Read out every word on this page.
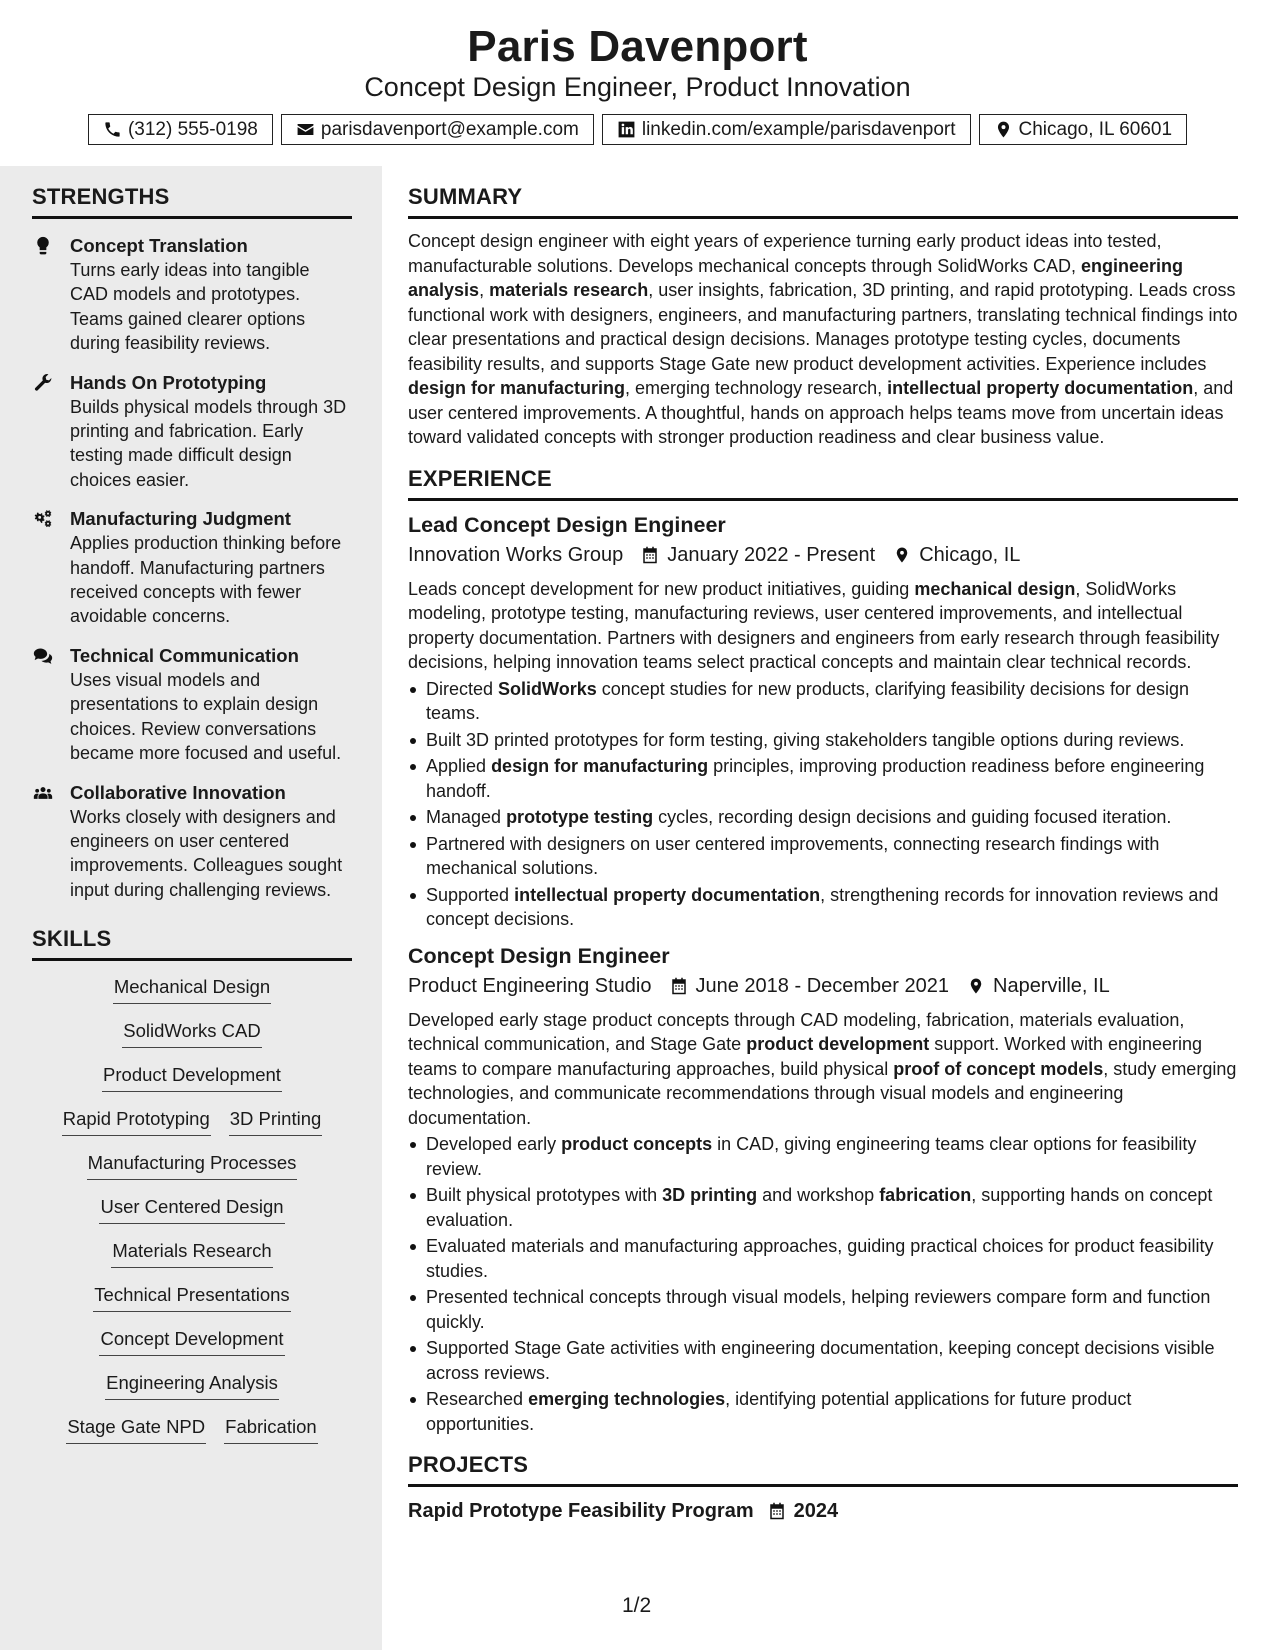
Paris Davenport
Concept Design Engineer, Product Innovation
(312) 555-0198	parisdavenport@example.com	linkedin.com/example/parisdavenport	Chicago, IL 60601
STRENGTHS
Concept Translation
Turns early ideas into tangible CAD models and prototypes. Teams gained clearer options during feasibility reviews.
Hands On Prototyping
Builds physical models through 3D printing and fabrication. Early testing made difficult design choices easier.
Manufacturing Judgment
Applies production thinking before handoff. Manufacturing partners received concepts with fewer avoidable concerns.
Technical Communication
Uses visual models and presentations to explain design choices. Review conversations became more focused and useful.
Collaborative Innovation
Works closely with designers and engineers on user centered improvements. Colleagues sought input during challenging reviews.
SKILLS
Mechanical Design
SolidWorks CAD
Product Development
Rapid Prototyping 3D Printing
Manufacturing Processes
User Centered Design
Materials Research
Technical Presentations
Concept Development
Engineering Analysis
Stage Gate NPD Fabrication
SUMMARY
Concept design engineer with eight years of experience turning early product ideas into tested, manufacturable solutions. Develops mechanical concepts through SolidWorks CAD, engineering analysis, materials research, user insights, fabrication, 3D printing, and rapid prototyping. Leads cross functional work with designers, engineers, and manufacturing partners, translating technical findings into clear presentations and practical design decisions. Manages prototype testing cycles, documents feasibility results, and supports Stage Gate new product development activities. Experience includes design for manufacturing, emerging technology research, intellectual property documentation, and user centered improvements. A thoughtful, hands on approach helps teams move from uncertain ideas toward validated concepts with stronger production readiness and clear business value.
EXPERIENCE
Lead Concept Design Engineer
Innovation Works Group January 2022 - Present Chicago, IL
Leads concept development for new product initiatives, guiding mechanical design, SolidWorks modeling, prototype testing, manufacturing reviews, user centered improvements, and intellectual property documentation. Partners with designers and engineers from early research through feasibility decisions, helping innovation teams select practical concepts and maintain clear technical records.
Directed SolidWorks concept studies for new products, clarifying feasibility decisions for design teams.
Built 3D printed prototypes for form testing, giving stakeholders tangible options during reviews.
Applied design for manufacturing principles, improving production readiness before engineering handoff.
Managed prototype testing cycles, recording design decisions and guiding focused iteration.
Partnered with designers on user centered improvements, connecting research findings with mechanical solutions.
Supported intellectual property documentation, strengthening records for innovation reviews and concept decisions.
Concept Design Engineer
Product Engineering Studio June 2018 - December 2021 Naperville, IL
Developed early stage product concepts through CAD modeling, fabrication, materials evaluation, technical communication, and Stage Gate product development support. Worked with engineering teams to compare manufacturing approaches, build physical proof of concept models, study emerging technologies, and communicate recommendations through visual models and engineering documentation.
Developed early product concepts in CAD, giving engineering teams clear options for feasibility review.
Built physical prototypes with 3D printing and workshop fabrication, supporting hands on concept evaluation.
Evaluated materials and manufacturing approaches, guiding practical choices for product feasibility studies.
Presented technical concepts through visual models, helping reviewers compare form and function quickly.
Supported Stage Gate activities with engineering documentation, keeping concept decisions visible across reviews.
Researched emerging technologies, identifying potential applications for future product opportunities.
PROJECTS
Rapid Prototype Feasibility Program 2024
1/2
